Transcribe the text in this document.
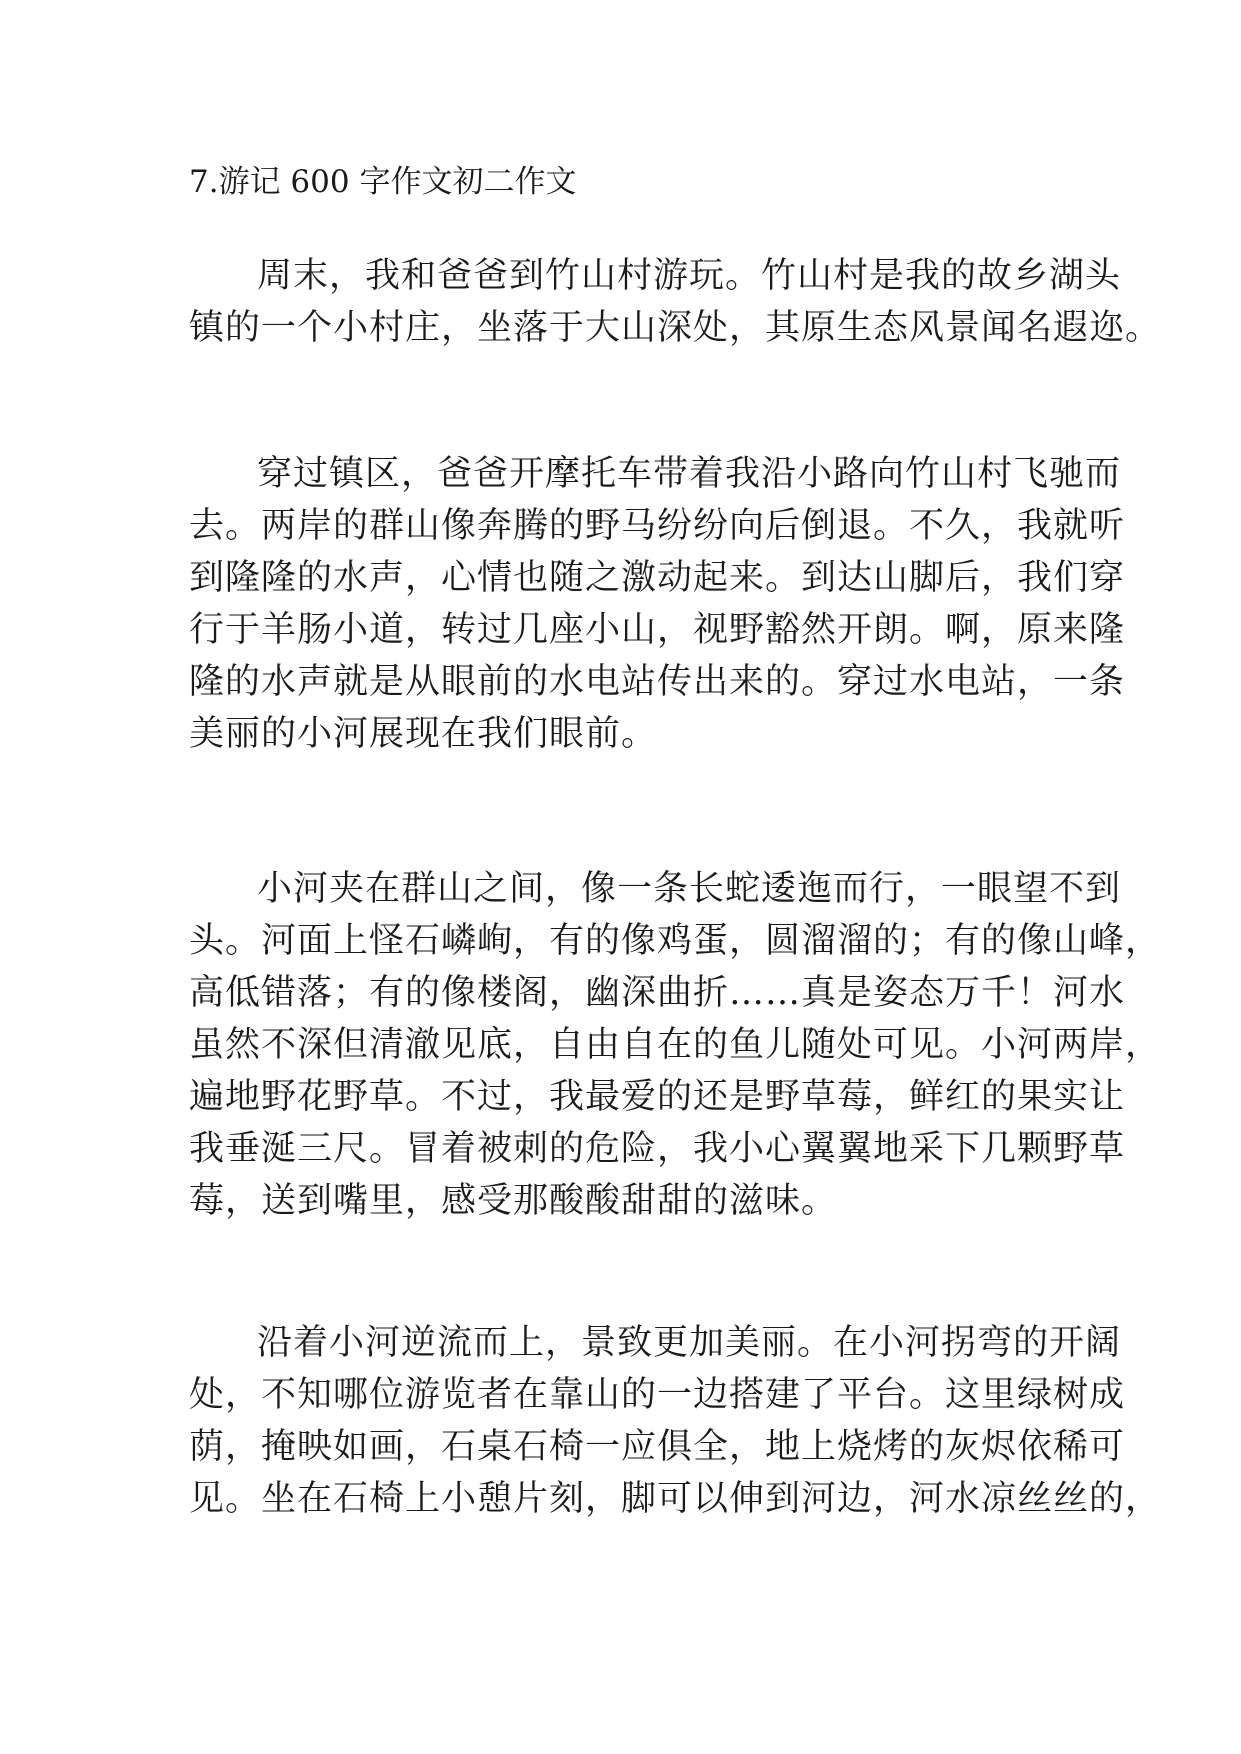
7.游记 600 字作文初二作文
周末，我和爸爸到竹山村游玩。竹山村是我的故乡湖头
镇的一个小村庄，坐落于大山深处，其原生态风景闻名遐迩。
穿过镇区，爸爸开摩托车带着我沿小路向竹山村飞驰而
去。两岸的群山像奔腾的野马纷纷向后倒退。不久，我就听
到隆隆的水声，心情也随之激动起来。到达山脚后，我们穿
行于羊肠小道，转过几座小山，视野豁然开朗。啊，原来隆
隆的水声就是从眼前的水电站传出来的。穿过水电站，一条
美丽的小河展现在我们眼前。
小河夹在群山之间，像一条长蛇逶迤而行，一眼望不到
头。河面上怪石嶙峋，有的像鸡蛋，圆溜溜的；有的像山峰，
高低错落；有的像楼阁，幽深曲折……真是姿态万千！河水
虽然不深但清澈见底，自由自在的鱼儿随处可见。小河两岸，
遍地野花野草。不过，我最爱的还是野草莓，鲜红的果实让
我垂涎三尺。冒着被刺的危险，我小心翼翼地采下几颗野草
莓，送到嘴里，感受那酸酸甜甜的滋味。
沿着小河逆流而上，景致更加美丽。在小河拐弯的开阔
处，不知哪位游览者在靠山的一边搭建了平台。这里绿树成
荫，掩映如画，石桌石椅一应俱全，地上烧烤的灰烬依稀可
见。坐在石椅上小憩片刻，脚可以伸到河边，河水凉丝丝的，
